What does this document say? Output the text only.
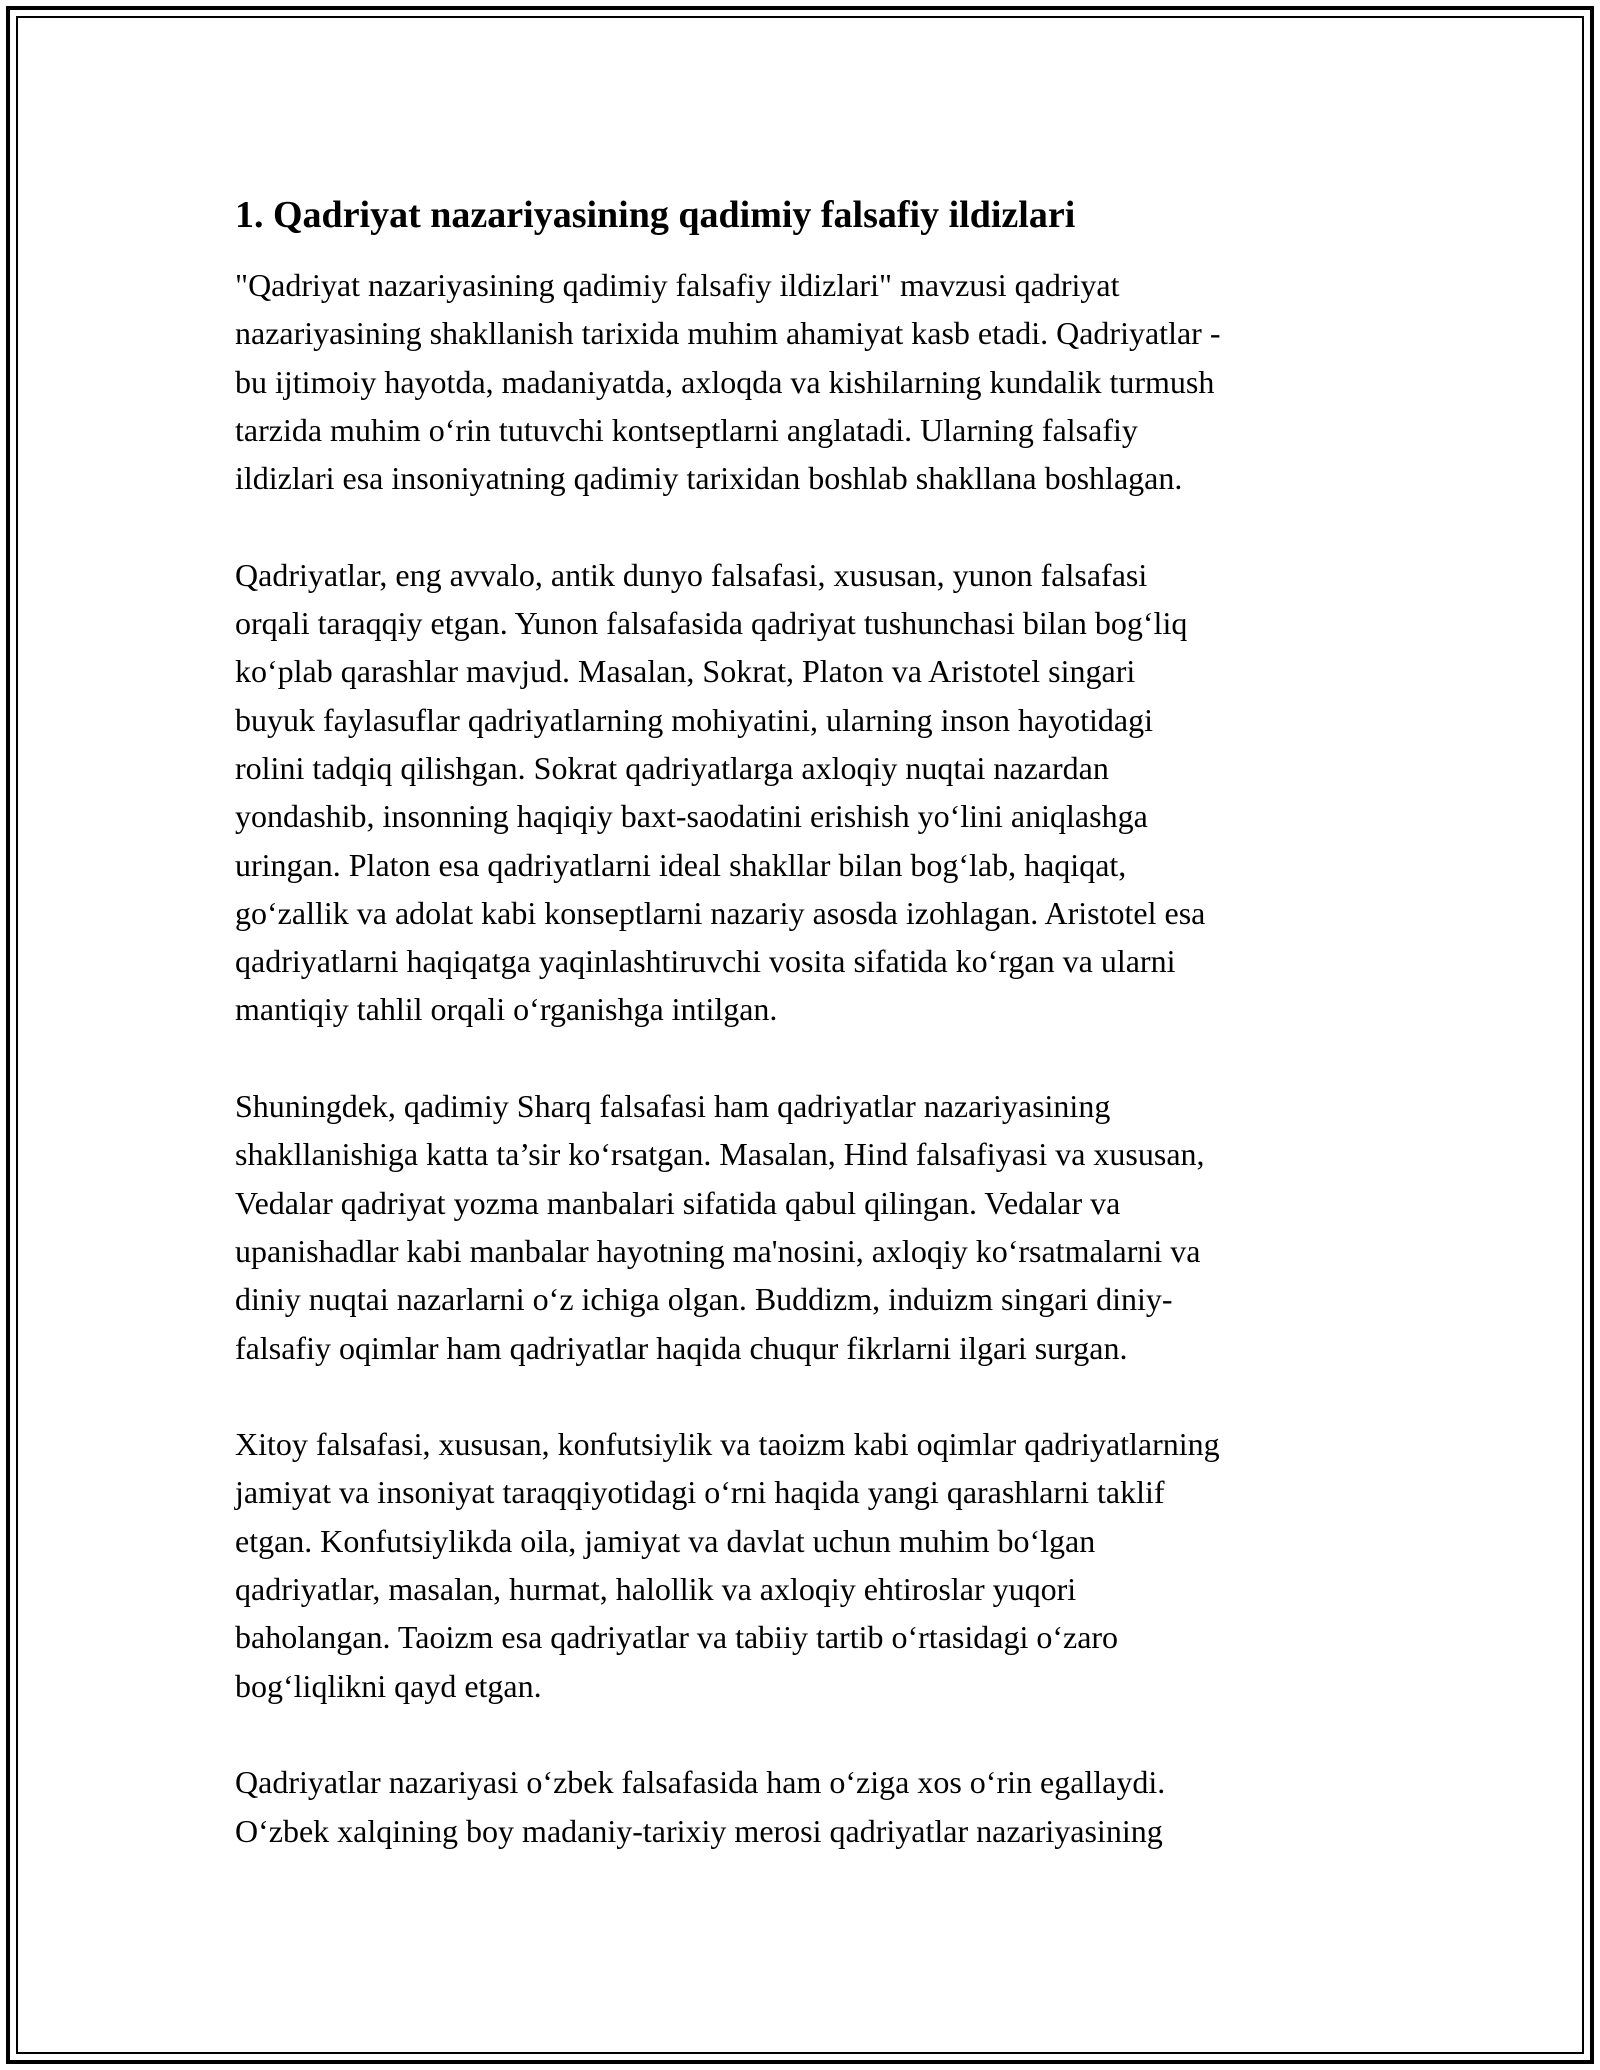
1. Qadriyat nazariyasining qadimiy falsafiy ildizlari
"Qadriyat nazariyasining qadimiy falsafiy ildizlari" mavzusi qadriyat
nazariyasining shakllanish tarixida muhim ahamiyat kasb etadi. Qadriyatlar -
bu ijtimoiy hayotda, madaniyatda, axloqda va kishilarning kundalik turmush
tarzida muhim o‘rin tutuvchi kontseptlarni anglatadi. Ularning falsafiy
ildizlari esa insoniyatning qadimiy tarixidan boshlab shakllana boshlagan.
Qadriyatlar, eng avvalo, antik dunyo falsafasi, xususan, yunon falsafasi
orqali taraqqiy etgan. Yunon falsafasida qadriyat tushunchasi bilan bog‘liq
ko‘plab qarashlar mavjud. Masalan, Sokrat, Platon va Aristotel singari
buyuk faylasuflar qadriyatlarning mohiyatini, ularning inson hayotidagi
rolini tadqiq qilishgan. Sokrat qadriyatlarga axloqiy nuqtai nazardan
yondashib, insonning haqiqiy baxt-saodatini erishish yo‘lini aniqlashga
uringan. Platon esa qadriyatlarni ideal shakllar bilan bog‘lab, haqiqat,
go‘zallik va adolat kabi konseptlarni nazariy asosda izohlagan. Aristotel esa
qadriyatlarni haqiqatga yaqinlashtiruvchi vosita sifatida ko‘rgan va ularni
mantiqiy tahlil orqali o‘rganishga intilgan.
Shuningdek, qadimiy Sharq falsafasi ham qadriyatlar nazariyasining
shakllanishiga katta ta’sir ko‘rsatgan. Masalan, Hind falsafiyasi va xususan,
Vedalar qadriyat yozma manbalari sifatida qabul qilingan. Vedalar va
upanishadlar kabi manbalar hayotning ma'nosini, axloqiy ko‘rsatmalarni va
diniy nuqtai nazarlarni o‘z ichiga olgan. Buddizm, induizm singari diniy-
falsafiy oqimlar ham qadriyatlar haqida chuqur fikrlarni ilgari surgan.
Xitoy falsafasi, xususan, konfutsiylik va taoizm kabi oqimlar qadriyatlarning
jamiyat va insoniyat taraqqiyotidagi o‘rni haqida yangi qarashlarni taklif
etgan. Konfutsiylikda oila, jamiyat va davlat uchun muhim bo‘lgan
qadriyatlar, masalan, hurmat, halollik va axloqiy ehtiroslar yuqori
baholangan. Taoizm esa qadriyatlar va tabiiy tartib o‘rtasidagi o‘zaro
bog‘liqlikni qayd etgan.
Qadriyatlar nazariyasi o‘zbek falsafasida ham o‘ziga xos o‘rin egallaydi.
O‘zbek xalqining boy madaniy-tarixiy merosi qadriyatlar nazariyasining
